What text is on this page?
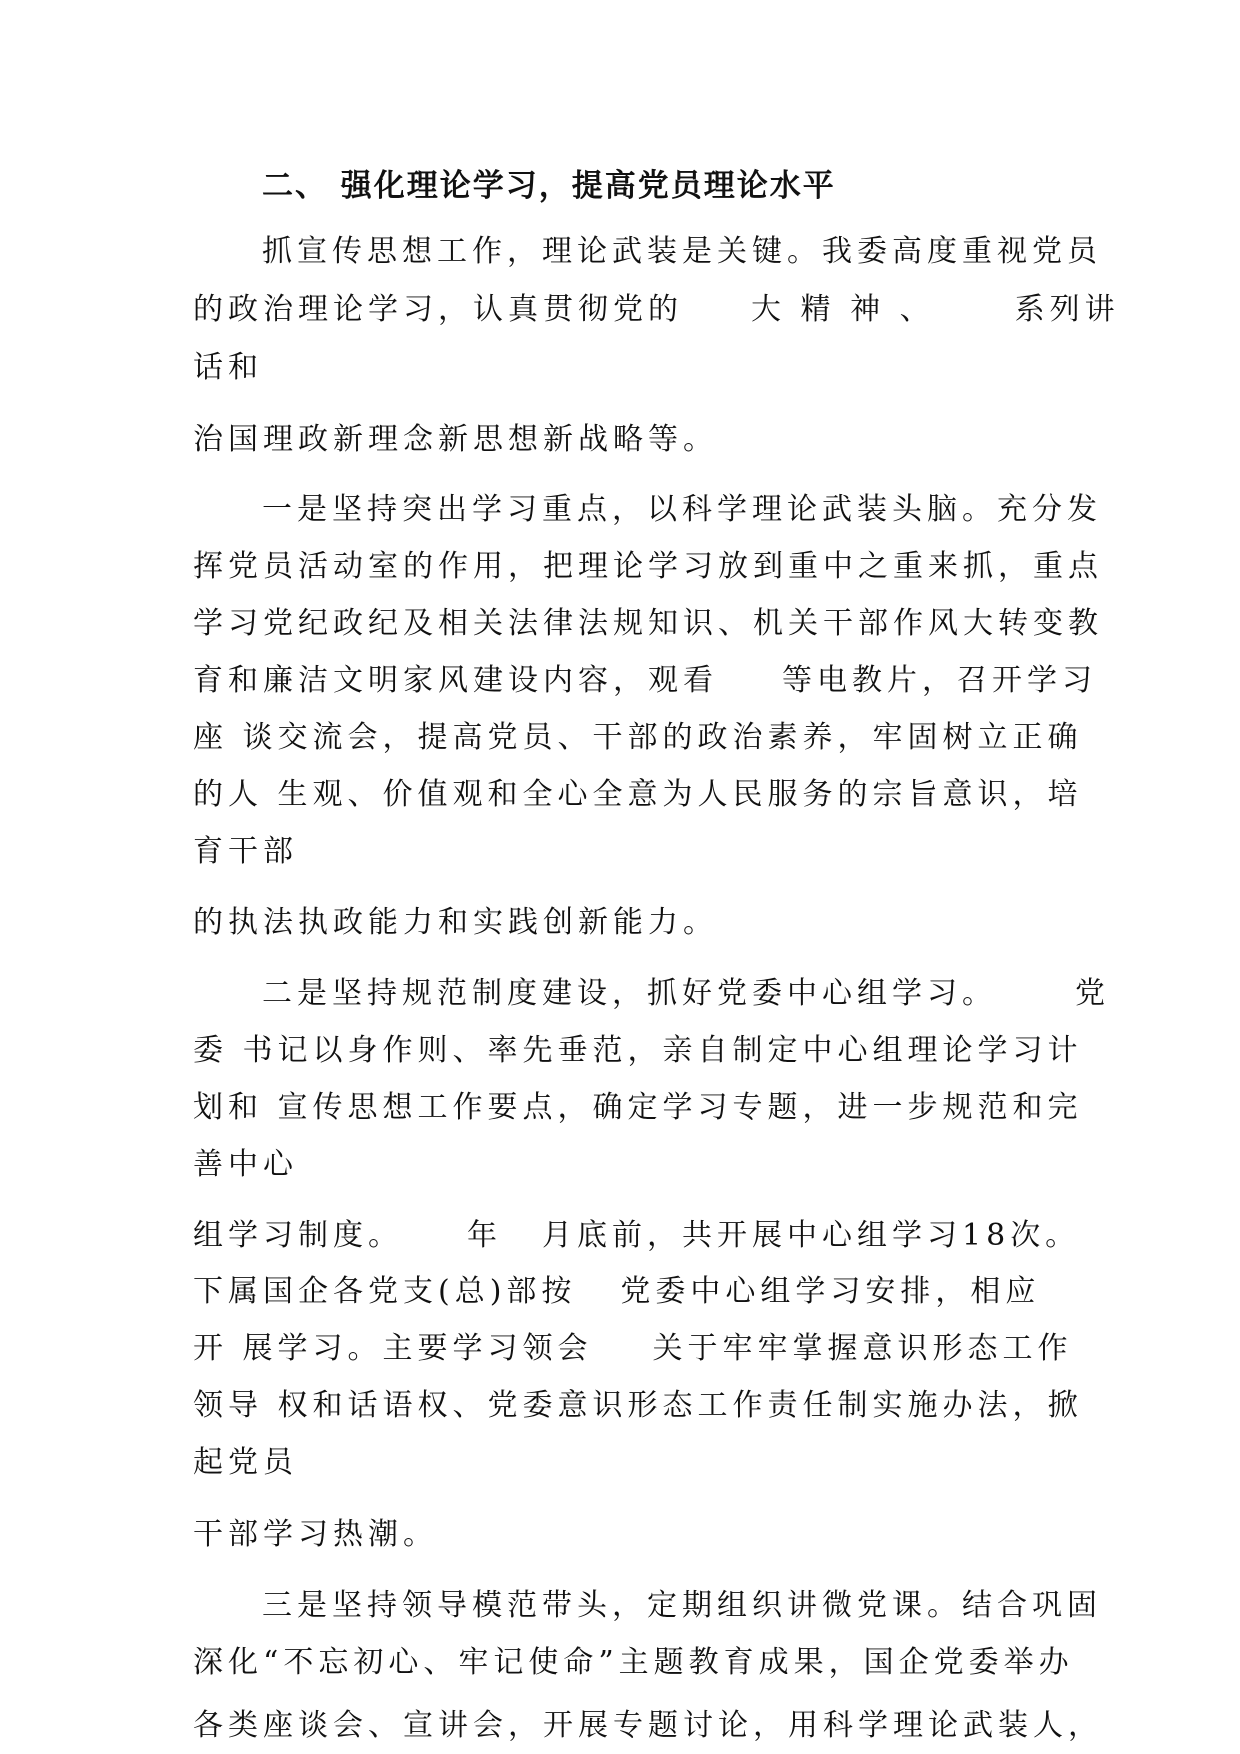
二、 强化理论学习，提高党员理论水平
抓宣传思想工作，理论武装是关键。我委高度重视党员
的政治理论学习，认真贯彻党的 大 精 神 、	系列讲
话和
治国理政新理念新思想新战略等。
一是坚持突出学习重点，以科学理论武装头脑。充分发
挥党员活动室的作用，把理论学习放到重中之重来抓，重点
学习党纪政纪及相关法律法规知识、机关干部作风大转变教
育和廉洁文明家风建设内容，观看 等电教片，召开学习
座 谈交流会，提高党员、干部的政治素养，牢固树立正确
的人 生观、价值观和全心全意为人民服务的宗旨意识，培
育干部
的执法执政能力和实践创新能力。
二是坚持规范制度建设，抓好党委中心组学习。	党
委 书记以身作则、率先垂范，亲自制定中心组理论学习计
划和 宣传思想工作要点，确定学习专题，进一步规范和完
善中心
组学习制度。 年 月底前，共开展中心组学习18次。
下属国企各党支(总)部按 党委中心组学习安排，相应
开 展学习。主要学习领会 关于牢牢掌握意识形态工作
领导 权和话语权、党委意识形态工作责任制实施办法，掀
起党员
干部学习热潮。
三是坚持领导模范带头，定期组织讲微党课。结合巩固
深化“不忘初心、牢记使命”主题教育成果，国企党委举办
各类座谈会、宣讲会，开展专题讨论，用科学理论武装人，
